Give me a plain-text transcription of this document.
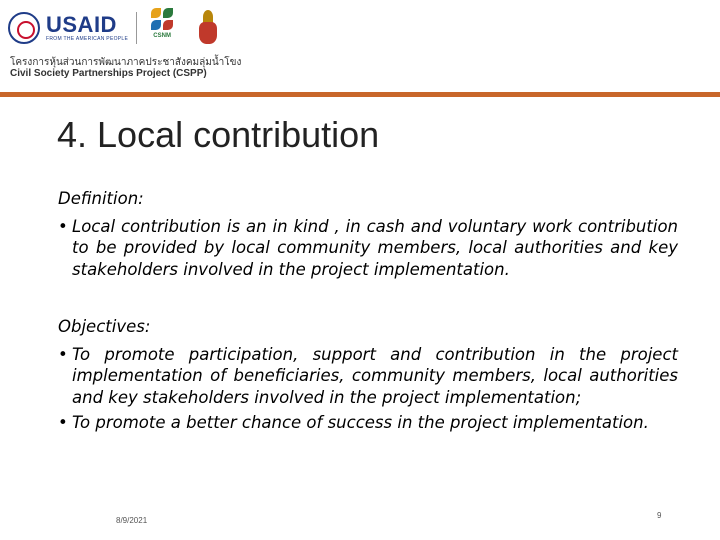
USAID
FROM THE AMERICAN PEOPLE	CSNM
โครงการหุ้นส่วนการพัฒนาภาคประชาสังคมลุ่มน้ำโขง
Civil Society Partnerships Project (CSPP)
4. Local contribution

Definition:

• Local contribution is an in kind , in cash and voluntary work contribution to be provided by local community members, local authorities and key stakeholders involved in the project implementation.

Objectives:

• To promote participation, support and contribution in the project implementation of beneficiaries, community members, local authorities and key stakeholders involved in the project implementation;

• To promote a better chance of success in the project implementation.

8/9/2021
9
